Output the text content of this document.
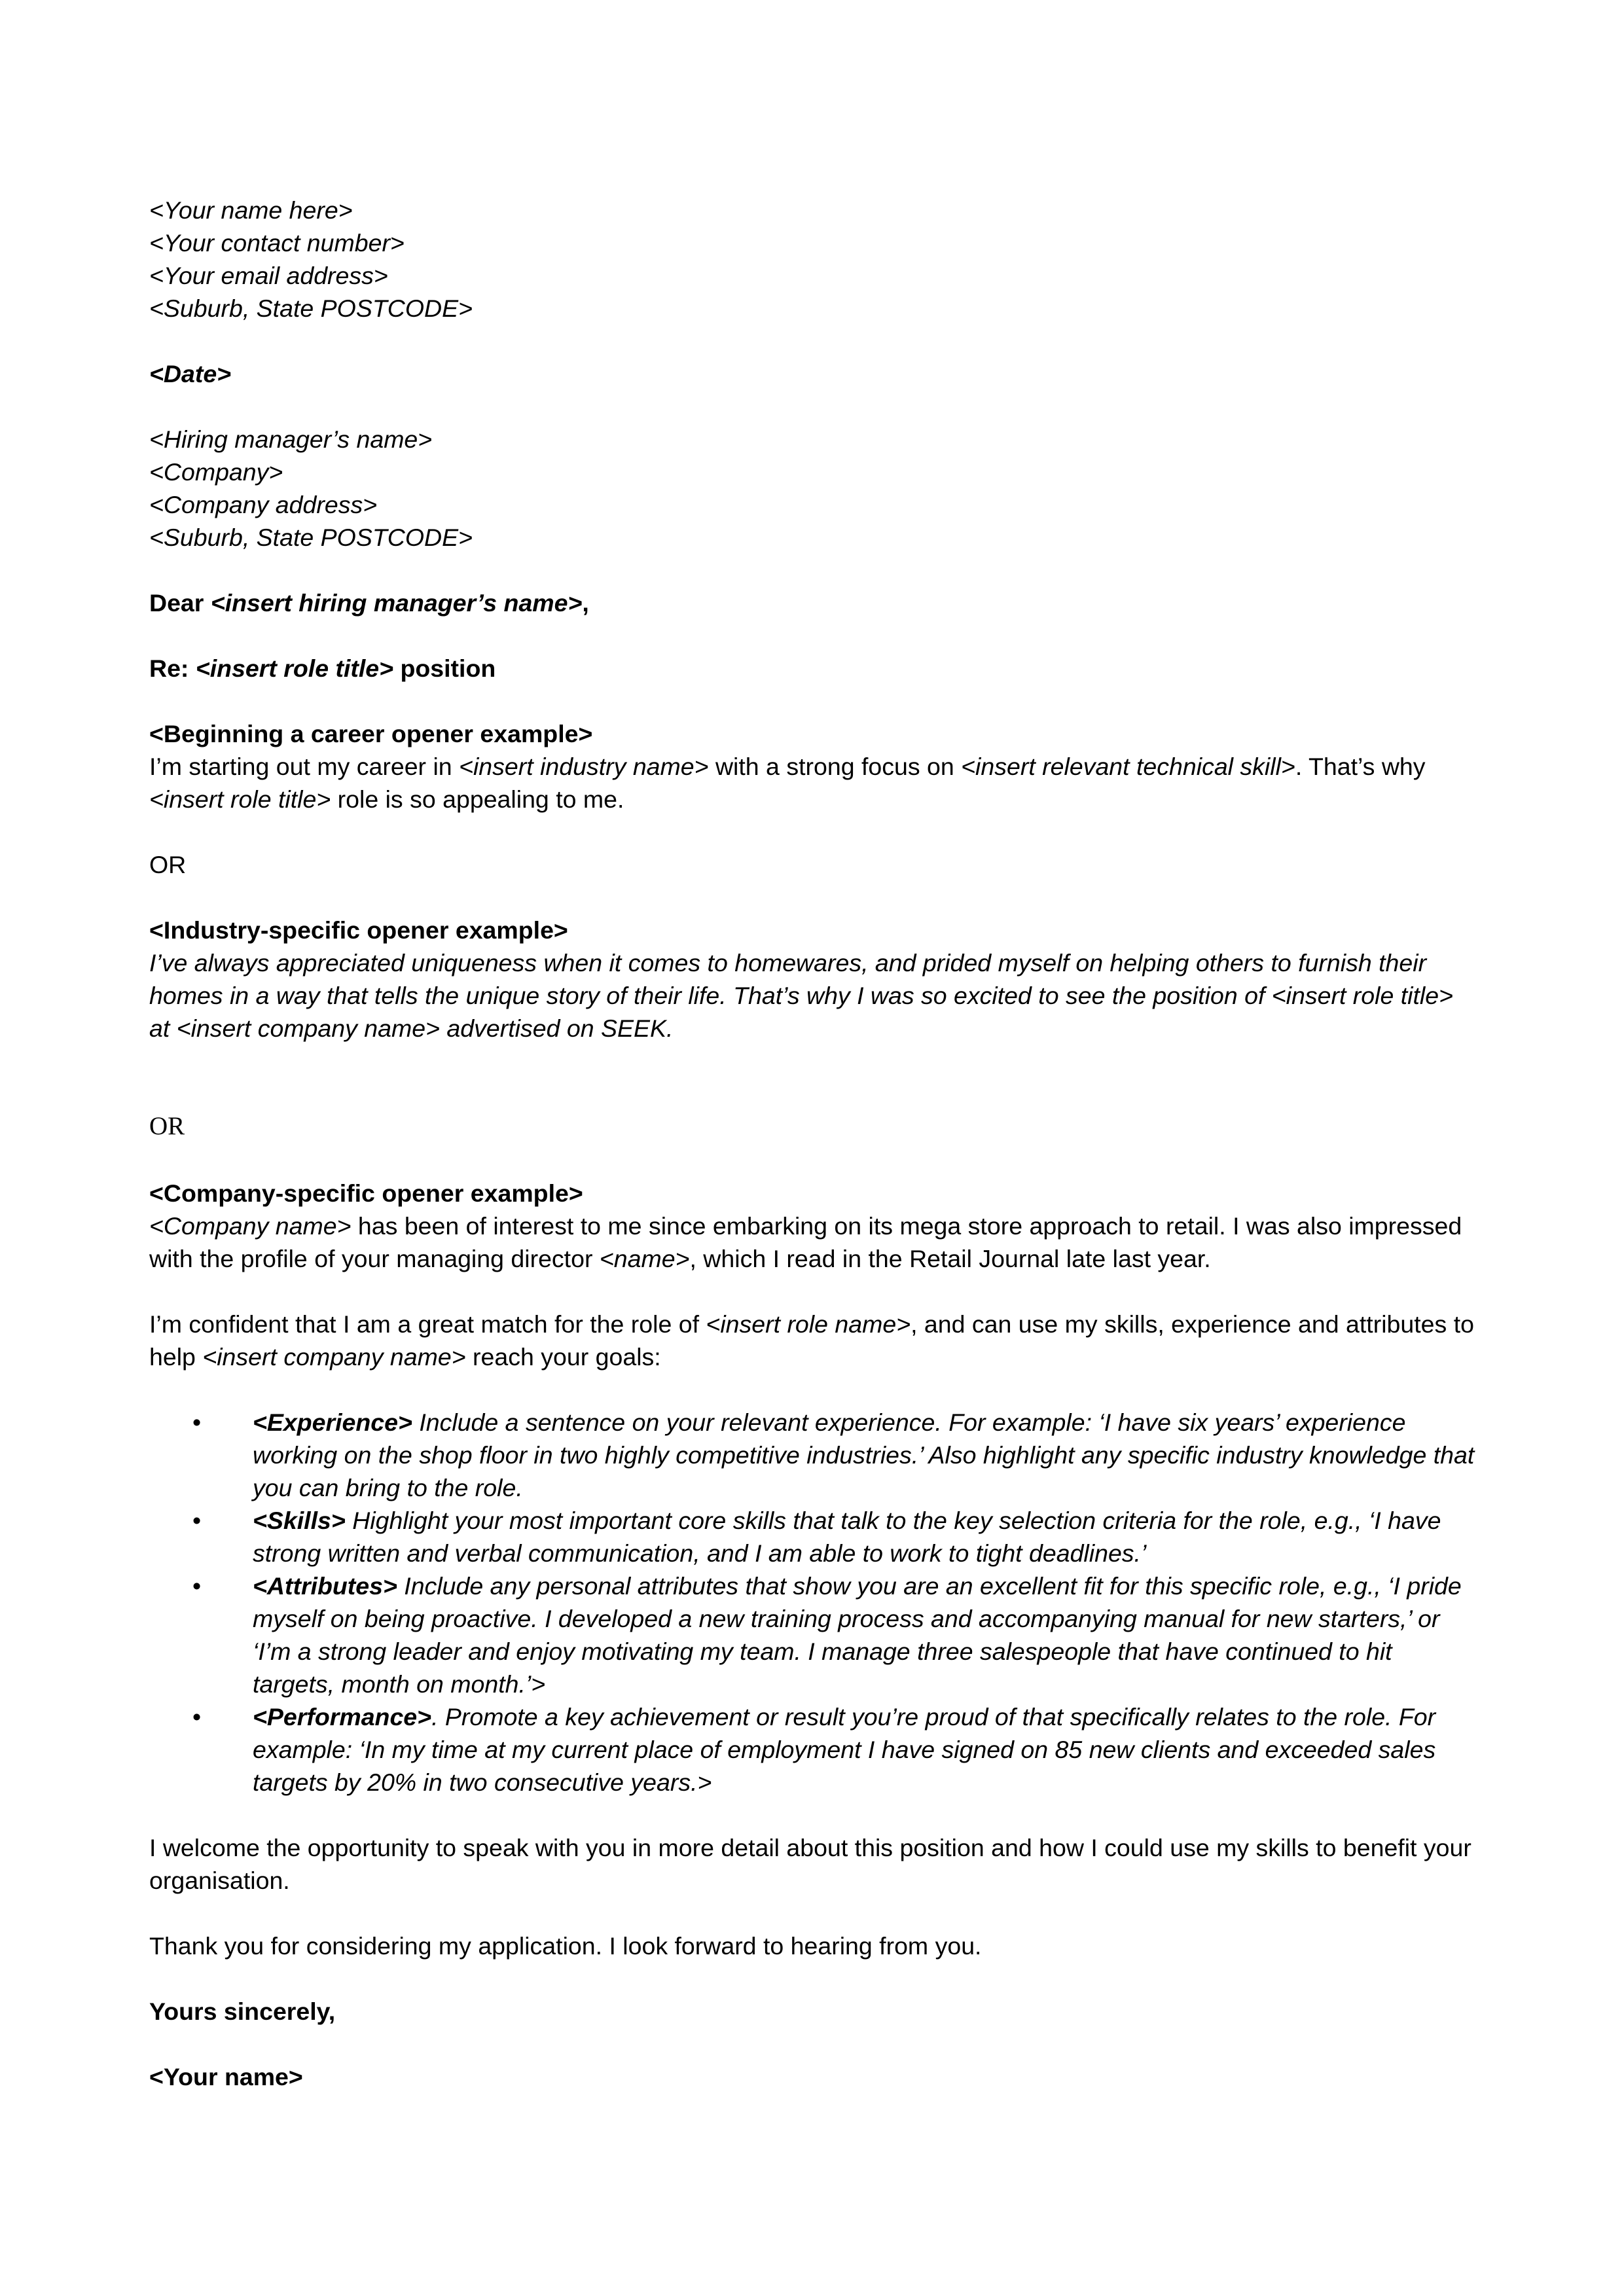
<Your name here>
<Your contact number>
<Your email address>
<Suburb, State POSTCODE>
<Date>
<Hiring manager’s name>
<Company>
<Company address>
<Suburb, State POSTCODE>
Dear <insert hiring manager’s name>,
Re: <insert role title> position
<Beginning a career opener example>
I’m starting out my career in <insert industry name> with a strong focus on <insert relevant technical skill>. That’s why <insert role title> role is so appealing to me.
OR
<Industry-specific opener example>
I’ve always appreciated uniqueness when it comes to homewares, and prided myself on helping others to furnish their homes in a way that tells the unique story of their life. That’s why I was so excited to see the position of <insert role title> at <insert company name> advertised on SEEK.
OR
<Company-specific opener example>
<Company name> has been of interest to me since embarking on its mega store approach to retail. I was also impressed with the profile of your managing director <name>, which I read in the Retail Journal late last year.
I’m confident that I am a great match for the role of <insert role name>, and can use my skills, experience and attributes to help <insert company name> reach your goals:
• <Experience> Include a sentence on your relevant experience. For example: ‘I have six years’ experience working on the shop floor in two highly competitive industries.’ Also highlight any specific industry knowledge that you can bring to the role.
• <Skills> Highlight your most important core skills that talk to the key selection criteria for the role, e.g., ‘I have strong written and verbal communication, and I am able to work to tight deadlines.’
• <Attributes> Include any personal attributes that show you are an excellent fit for this specific role, e.g., ‘I pride myself on being proactive. I developed a new training process and accompanying manual for new starters,’ or ‘I’m a strong leader and enjoy motivating my team. I manage three salespeople that have continued to hit targets, month on month.’>
• <Performance>. Promote a key achievement or result you’re proud of that specifically relates to the role. For example: ‘In my time at my current place of employment I have signed on 85 new clients and exceeded sales targets by 20% in two consecutive years.>
I welcome the opportunity to speak with you in more detail about this position and how I could use my skills to benefit your organisation.
Thank you for considering my application. I look forward to hearing from you.
Yours sincerely,
<Your name>
